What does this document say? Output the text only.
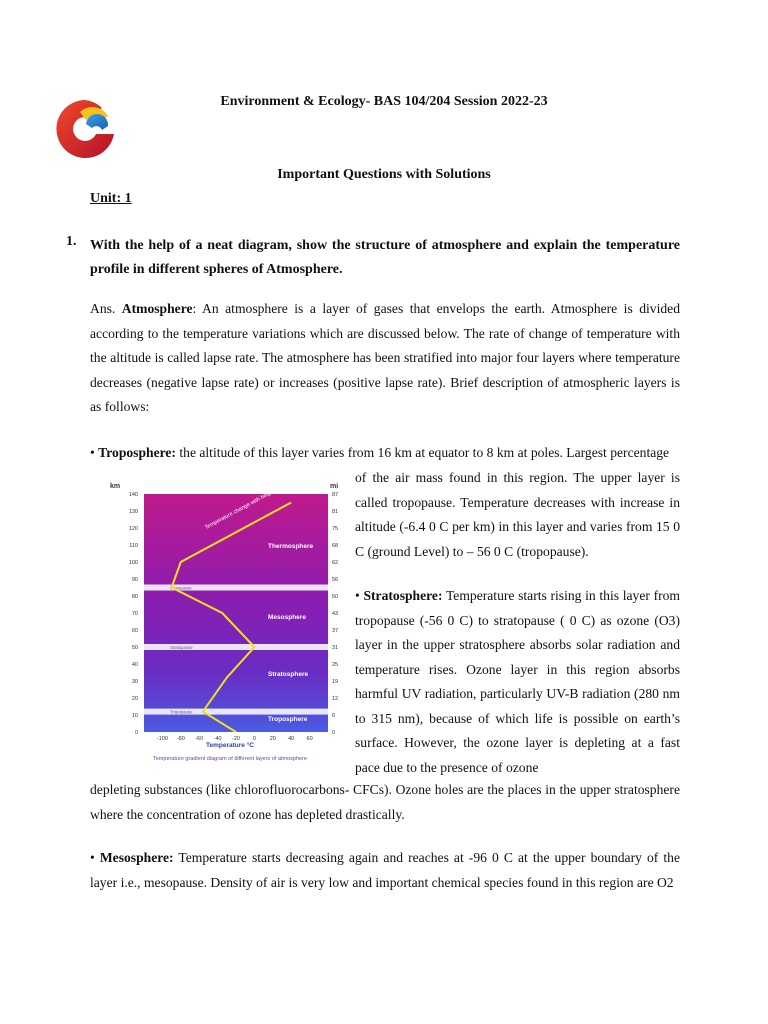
Environment & Ecology- BAS 104/204 Session 2022-23
Important Questions with Solutions
Unit: 1
1. With the help of a neat diagram, show the structure of atmosphere and explain the temperature profile in different spheres of Atmosphere.
Ans. Atmosphere: An atmosphere is a layer of gases that envelops the earth. Atmosphere is divided according to the temperature variations which are discussed below. The rate of change of temperature with the altitude is called lapse rate. The atmosphere has been stratified into major four layers where temperature decreases (negative lapse rate) or increases (positive lapse rate). Brief description of atmospheric layers is as follows:
• Troposphere: the altitude of this layer varies from 16 km at equator to 8 km at poles. Largest percentage
of the air mass found in this region. The upper layer is called tropopause. Temperature decreases with increase in altitude (-6.4 0 C per km) in this layer and varies from 15 0 C (ground Level) to – 56 0 C (tropopause).
• Stratosphere: Temperature starts rising in this layer from tropopause (-56 0 C) to stratopause ( 0 C) as ozone (O3) layer in the upper stratosphere absorbs solar radiation and temperature rises. Ozone layer in this region absorbs harmful UV radiation, particularly UV-B radiation (280 nm to 315 nm), because of which life is possible on earth’s surface. However, the ozone layer is depleting at a fast pace due to the presence of ozone
depleting substances (like chlorofluorocarbons- CFCs). Ozone holes are the places in the upper stratosphere where the concentration of ozone has depleted drastically.
• Mesosphere: Temperature starts decreasing again and reaches at -96 0 C at the upper boundary of the layer i.e., mesopause. Density of air is very low and important chemical species found in this region are O2
km	mi
Mesopause
Stratopause
Tropopause
140
130
120
110
100
90
80
70
60
50
40
30
20
10
0
87
81
75
68
62
56
50
43
37
31
25
19
12
6
0
-100 -80 -60 -40 -20 0	20 40 60
Temperature change with height
Thermosphere
Mesosphere
Stratosphere
Troposphere
Temperature °C
Temperature gradient diagram of different layers of atmosphere
